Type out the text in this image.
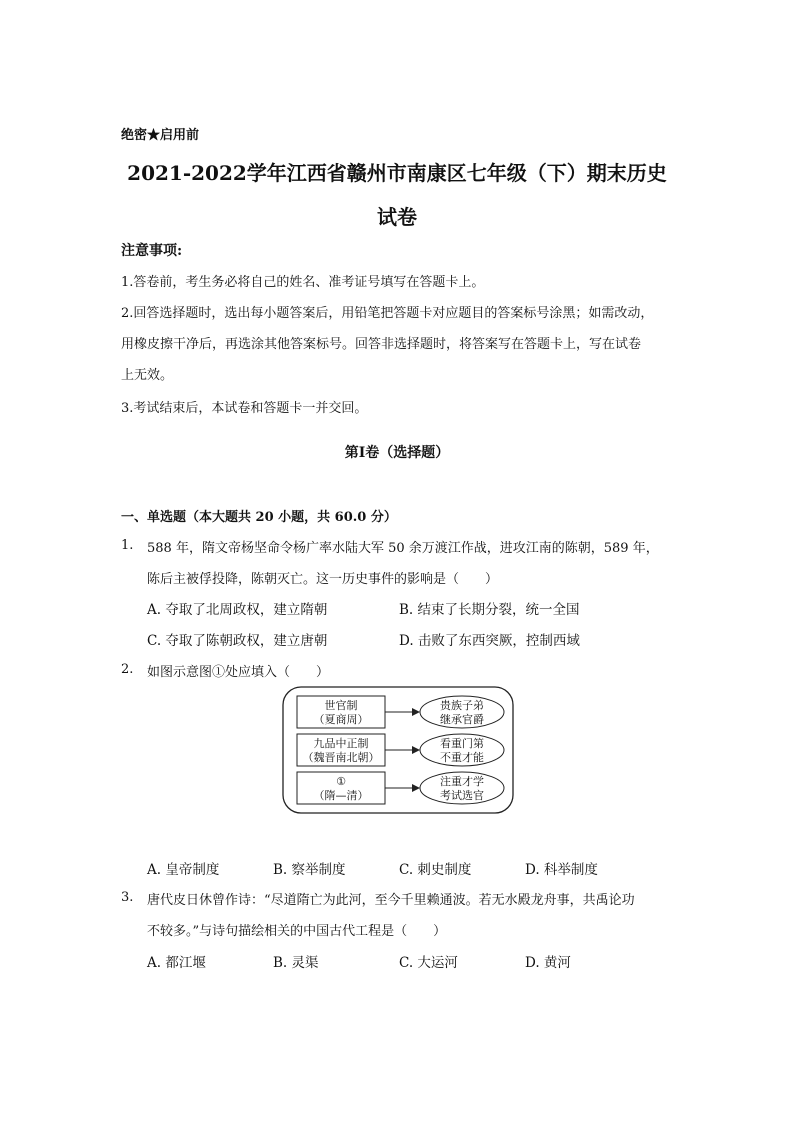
绝密★启用前
2021-2022学年江西省赣州市南康区七年级（下）期末历史
试卷
注意事项:
1.答卷前，考生务必将自己的姓名、准考证号填写在答题卡上。
2.回答选择题时，选出每小题答案后，用铅笔把答题卡对应题目的答案标号涂黑；如需改动，
用橡皮擦干净后，再选涂其他答案标号。回答非选择题时，将答案写在答题卡上，写在试卷
上无效。
3.考试结束后，本试卷和答题卡一并交回。
第Ⅰ卷（选择题）
一、单选题（本大题共 20 小题，共 60.0 分）
1. 588 年，隋文帝杨坚命令杨广率水陆大军 50 余万渡江作战，进攻江南的陈朝，589 年，
陈后主被俘投降，陈朝灭亡。这一历史事件的影响是（　　）
A. 夺取了北周政权，建立隋朝	B. 结束了长期分裂，统一全国
C. 夺取了陈朝政权，建立唐朝	D. 击败了东西突厥，控制西域
2. 如图示意图①处应填入（　　）
世官制
（夏商周）
贵族子弟
继承官爵
九品中正制
（魏晋南北朝）
看重门第
不重才能
①
（隋—清）
注重才学
考试选官
A. 皇帝制度	B. 察举制度	C. 刺史制度	D. 科举制度
3. 唐代皮日休曾作诗：“尽道隋亡为此河，至今千里赖通波。若无水殿龙舟事，共禹论功
不较多。”与诗句描绘相关的中国古代工程是（　　）
A. 都江堰	B. 灵渠	C. 大运河	D. 黄河
